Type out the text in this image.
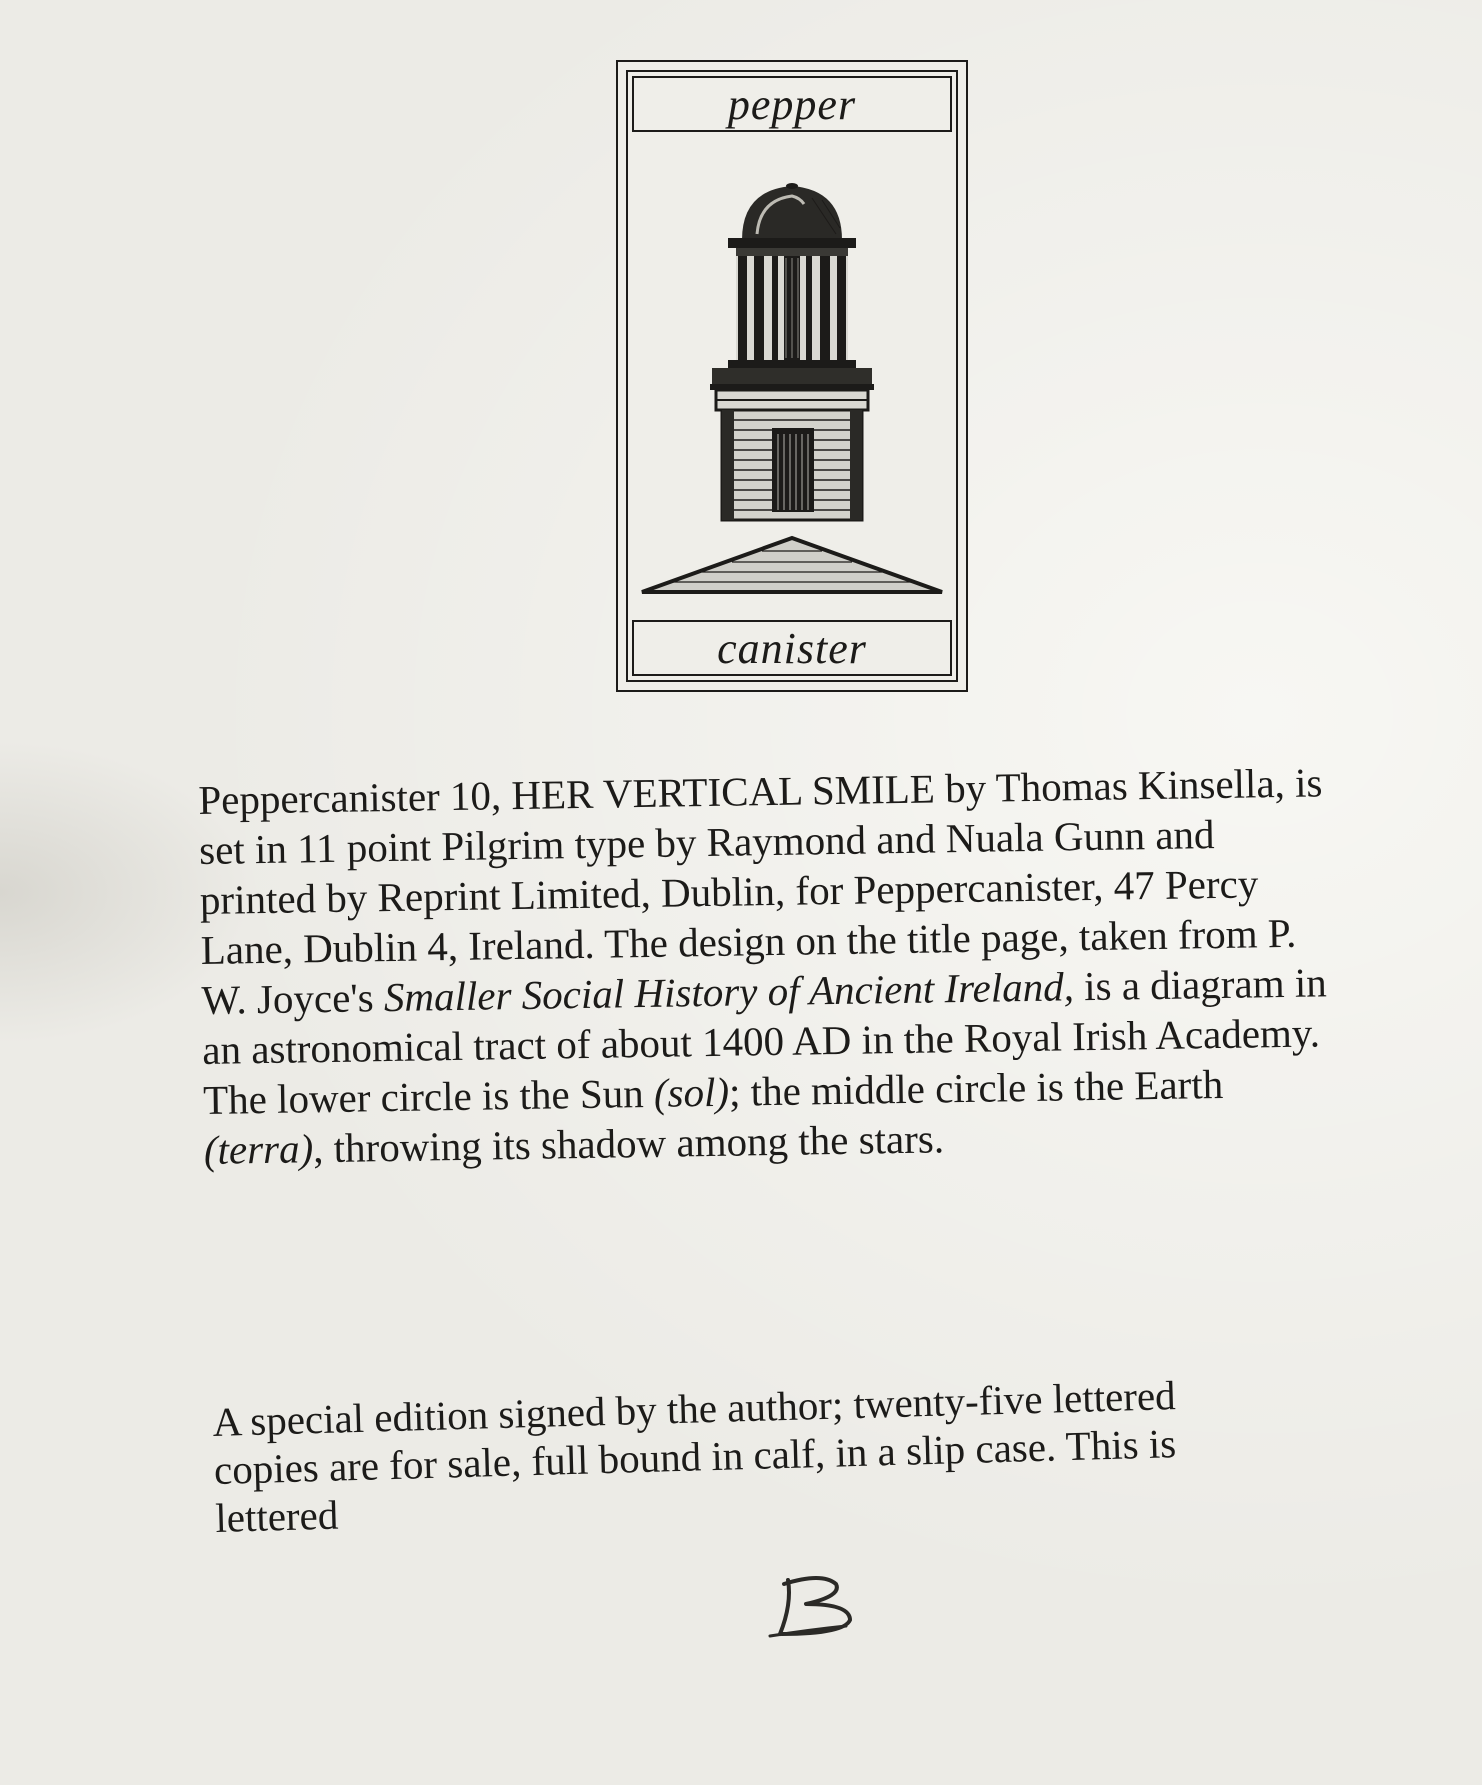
pepper
canister

Peppercanister 10, HER VERTICAL SMILE by Thomas Kinsella, is set in 11 point Pilgrim type by Raymond and Nuala Gunn and printed by Reprint Limited, Dublin, for Peppercanister, 47 Percy Lane, Dublin 4, Ireland. The design on the title page, taken from P. W. Joyce's Smaller Social History of Ancient Ireland, is a diagram in an astronomical tract of about 1400 AD in the Royal Irish Academy. The lower circle is the Sun (sol); the middle circle is the Earth (terra), throwing its shadow among the stars.

A special edition signed by the author; twenty-five lettered copies are for sale, full bound in calf, in a slip case. This is lettered
